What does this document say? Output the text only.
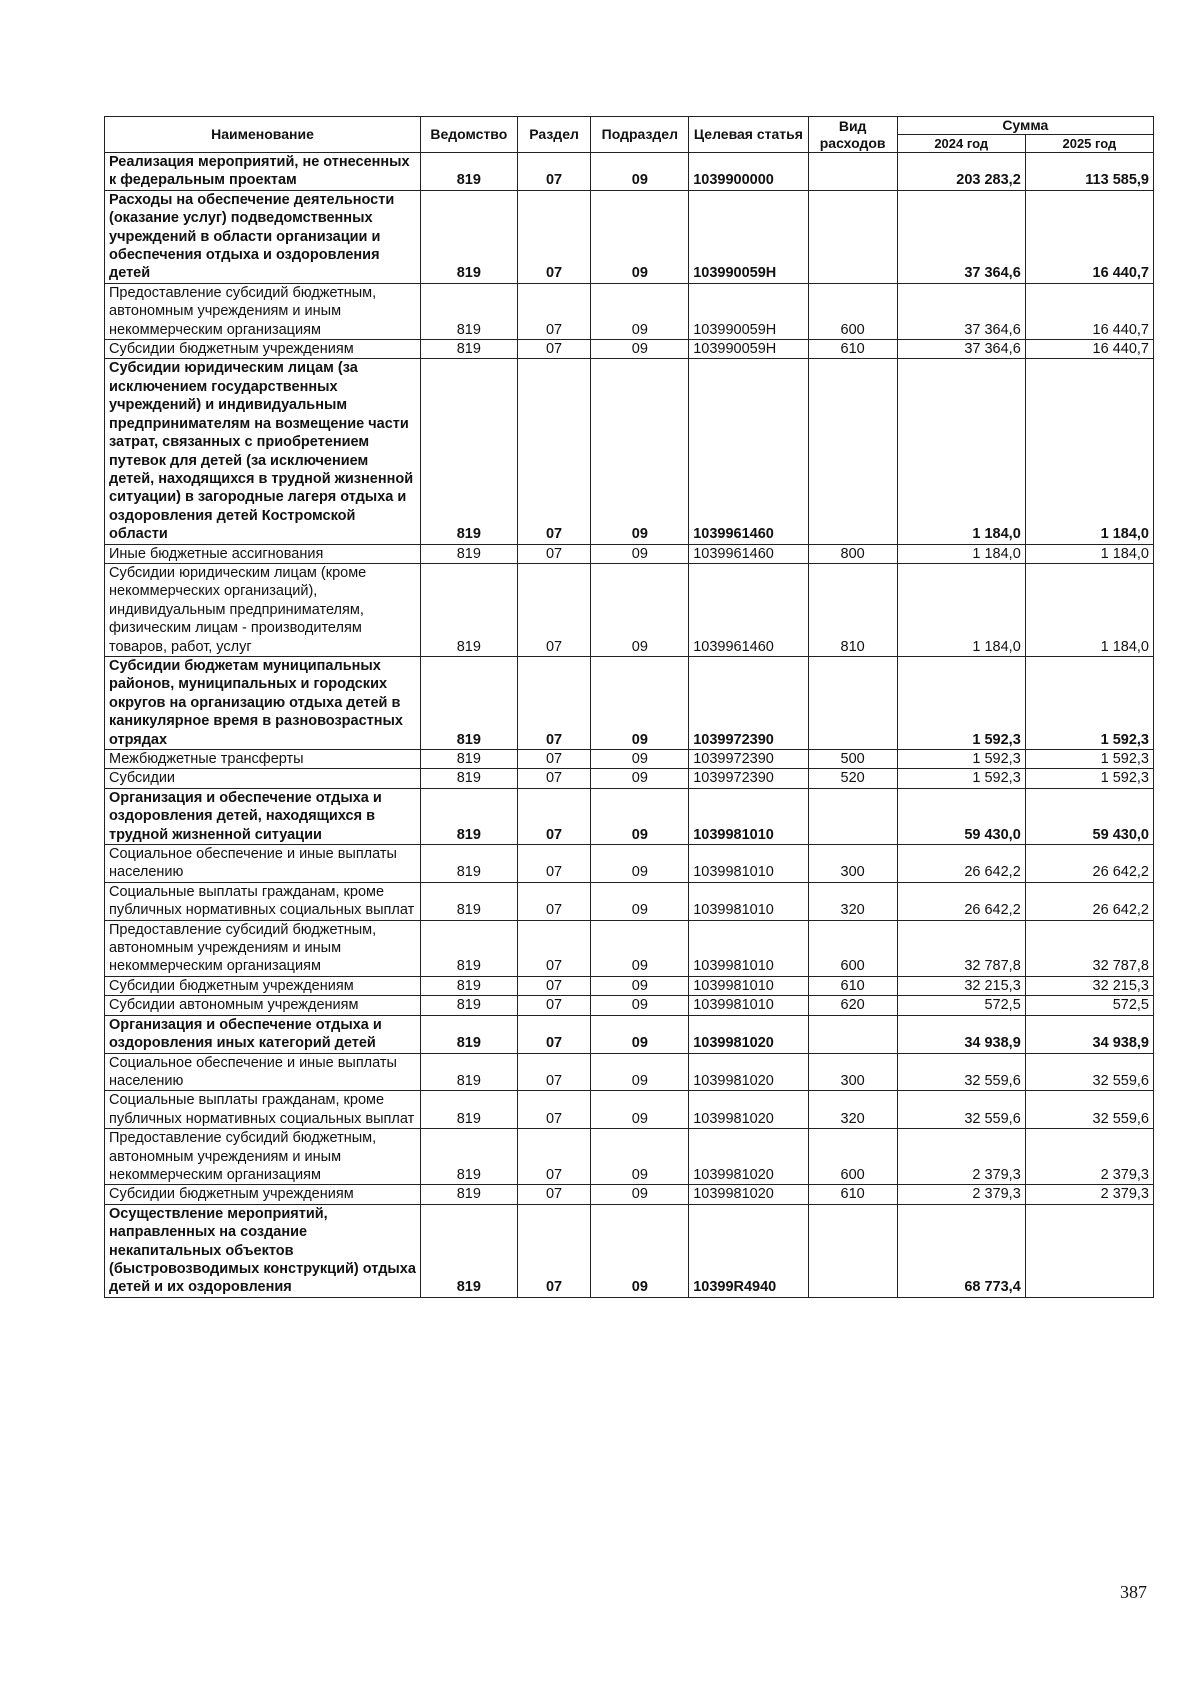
Наименование	Ведомство	Раздел	Подраздел	Целевая статья	Вид расходов	Сумма	
						2024 год	2025 год
Реализация мероприятий, не отнесенных к федеральным проектам	819	07	09	1039900000		203 283,2	113 585,9
Расходы на обеспечение деятельности (оказание услуг) подведомственных учреждений в области организации и обеспечения отдыха и оздоровления детей	819	07	09	103990059Н		37 364,6	16 440,7
Предоставление субсидий бюджетным, автономным учреждениям и иным некоммерческим организациям	819	07	09	103990059Н	600	37 364,6	16 440,7
Субсидии бюджетным учреждениям	819	07	09	103990059Н	610	37 364,6	16 440,7
Субсидии юридическим лицам (за исключением государственных учреждений) и индивидуальным предпринимателям на возмещение части затрат, связанных с приобретением путевок для детей (за исключением детей, находящихся в трудной жизненной ситуации) в загородные лагеря отдыха и оздоровления детей Костромской области	819	07	09	1039961460		1 184,0	1 184,0
Иные бюджетные ассигнования	819	07	09	1039961460	800	1 184,0	1 184,0
Субсидии юридическим лицам (кроме некоммерческих организаций), индивидуальным предпринимателям, физическим лицам - производителям товаров, работ, услуг	819	07	09	1039961460	810	1 184,0	1 184,0
Субсидии бюджетам муниципальных районов, муниципальных и городских округов на организацию отдыха детей в каникулярное время в разновозрастных отрядах	819	07	09	1039972390		1 592,3	1 592,3
Межбюджетные трансферты	819	07	09	1039972390	500	1 592,3	1 592,3
Субсидии	819	07	09	1039972390	520	1 592,3	1 592,3
Организация и обеспечение отдыха и оздоровления детей, находящихся в трудной жизненной ситуации	819	07	09	1039981010		59 430,0	59 430,0
Социальное обеспечение и иные выплаты населению	819	07	09	1039981010	300	26 642,2	26 642,2
Социальные выплаты гражданам, кроме публичных нормативных социальных выплат	819	07	09	1039981010	320	26 642,2	26 642,2
Предоставление субсидий бюджетным, автономным учреждениям и иным некоммерческим организациям	819	07	09	1039981010	600	32 787,8	32 787,8
Субсидии бюджетным учреждениям	819	07	09	1039981010	610	32 215,3	32 215,3
Субсидии автономным учреждениям	819	07	09	1039981010	620	572,5	572,5
Организация и обеспечение отдыха и оздоровления иных категорий детей	819	07	09	1039981020		34 938,9	34 938,9
Социальное обеспечение и иные выплаты населению	819	07	09	1039981020	300	32 559,6	32 559,6
Социальные выплаты гражданам, кроме публичных нормативных социальных выплат	819	07	09	1039981020	320	32 559,6	32 559,6
Предоставление субсидий бюджетным, автономным учреждениям и иным некоммерческим организациям	819	07	09	1039981020	600	2 379,3	2 379,3
Субсидии бюджетным учреждениям	819	07	09	1039981020	610	2 379,3	2 379,3
Осуществление мероприятий, направленных на создание некапитальных объектов (быстровозводимых конструкций) отдыха детей и их оздоровления	819	07	09	10399R4940		68 773,4	
387
